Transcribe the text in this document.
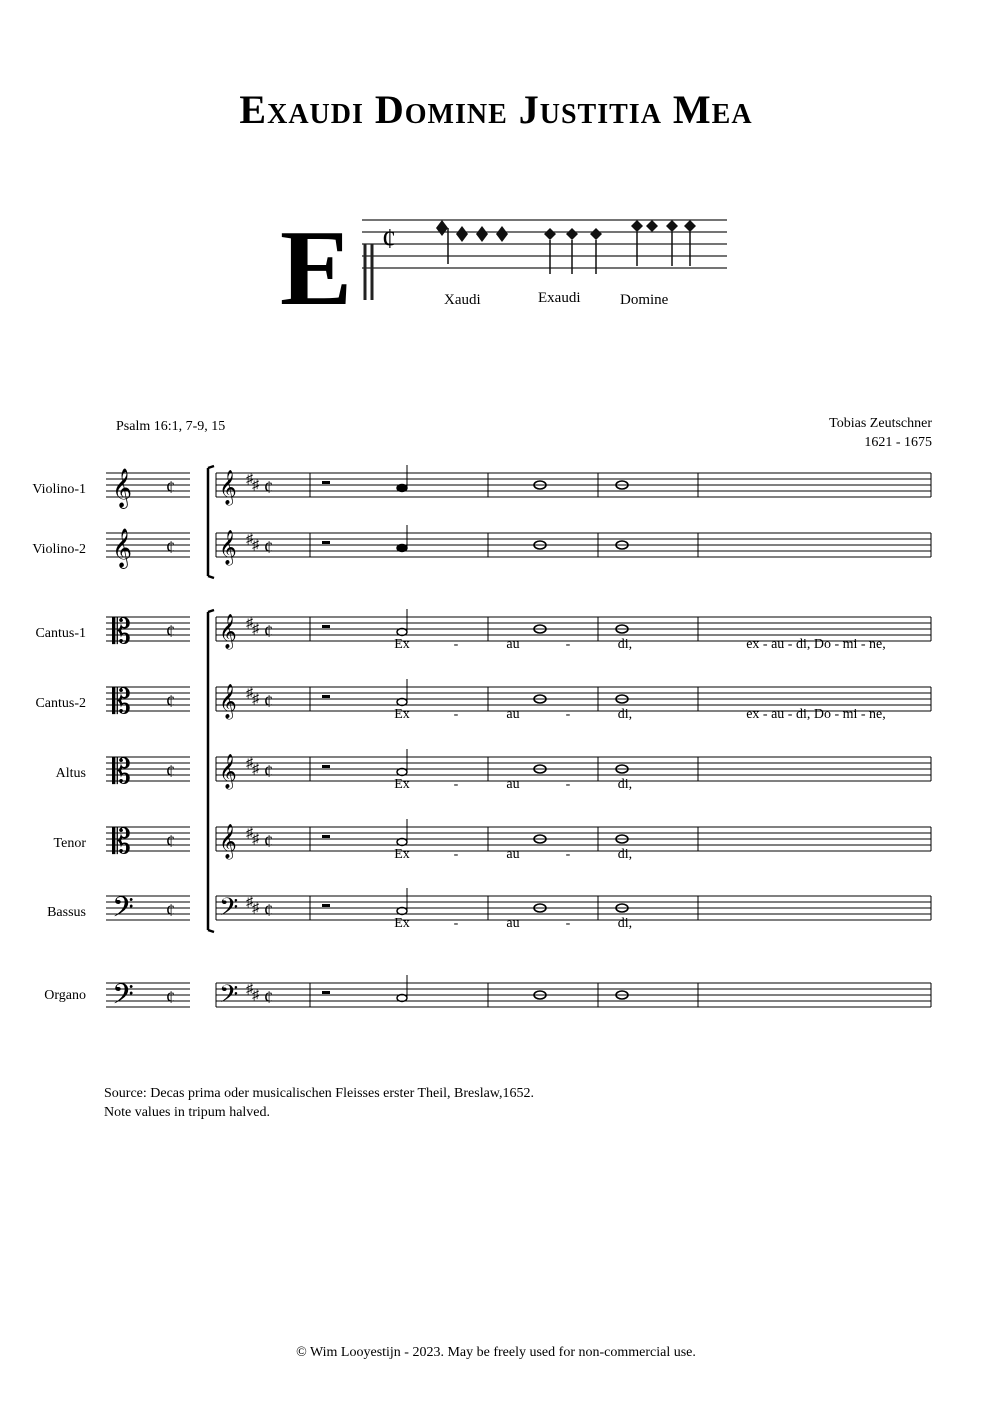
Exaudi Domine Justitia Mea
E ¢
Xaudi	Exaudi	Domine
Psalm 16:1, 7-9, 15	Tobias Zeutschner
1621 - 1675
Violino-1
Violino-2
Cantus-1
Cantus-2
Altus
Tenor
Bassus
Organo
𝄞 ¢ 𝄞 ♯ ♯ ¢
𝄞 ¢ 𝄞 ♯ ♯ ¢
𝄡 ¢ 𝄞 ♯ ♯ ¢
𝄡 ¢ 𝄞 ♯ ♯ ¢
𝄡 ¢ 𝄞 ♯ ♯ ¢
𝄡 ¢ 𝄞 ♯ ♯ ¢
𝄢 ¢ 𝄢 ♯ ♯ ¢
𝄢 ¢ 𝄢 ♯ ♯ ¢
Ex	-	au	-	di,	ex - au - di, Do - mi - ne,
Ex	-	au	-	di,	ex - au - di, Do - mi - ne,
Ex	-	au	-	di,
Ex	-	au	-	di,
Ex	-	au	-	di,
Source: Decas prima oder musicalischen Fleisses erster Theil, Breslaw,1652.
Note values in tripum halved.
© Wim Looyestijn - 2023. May be freely used for non-commercial use.
